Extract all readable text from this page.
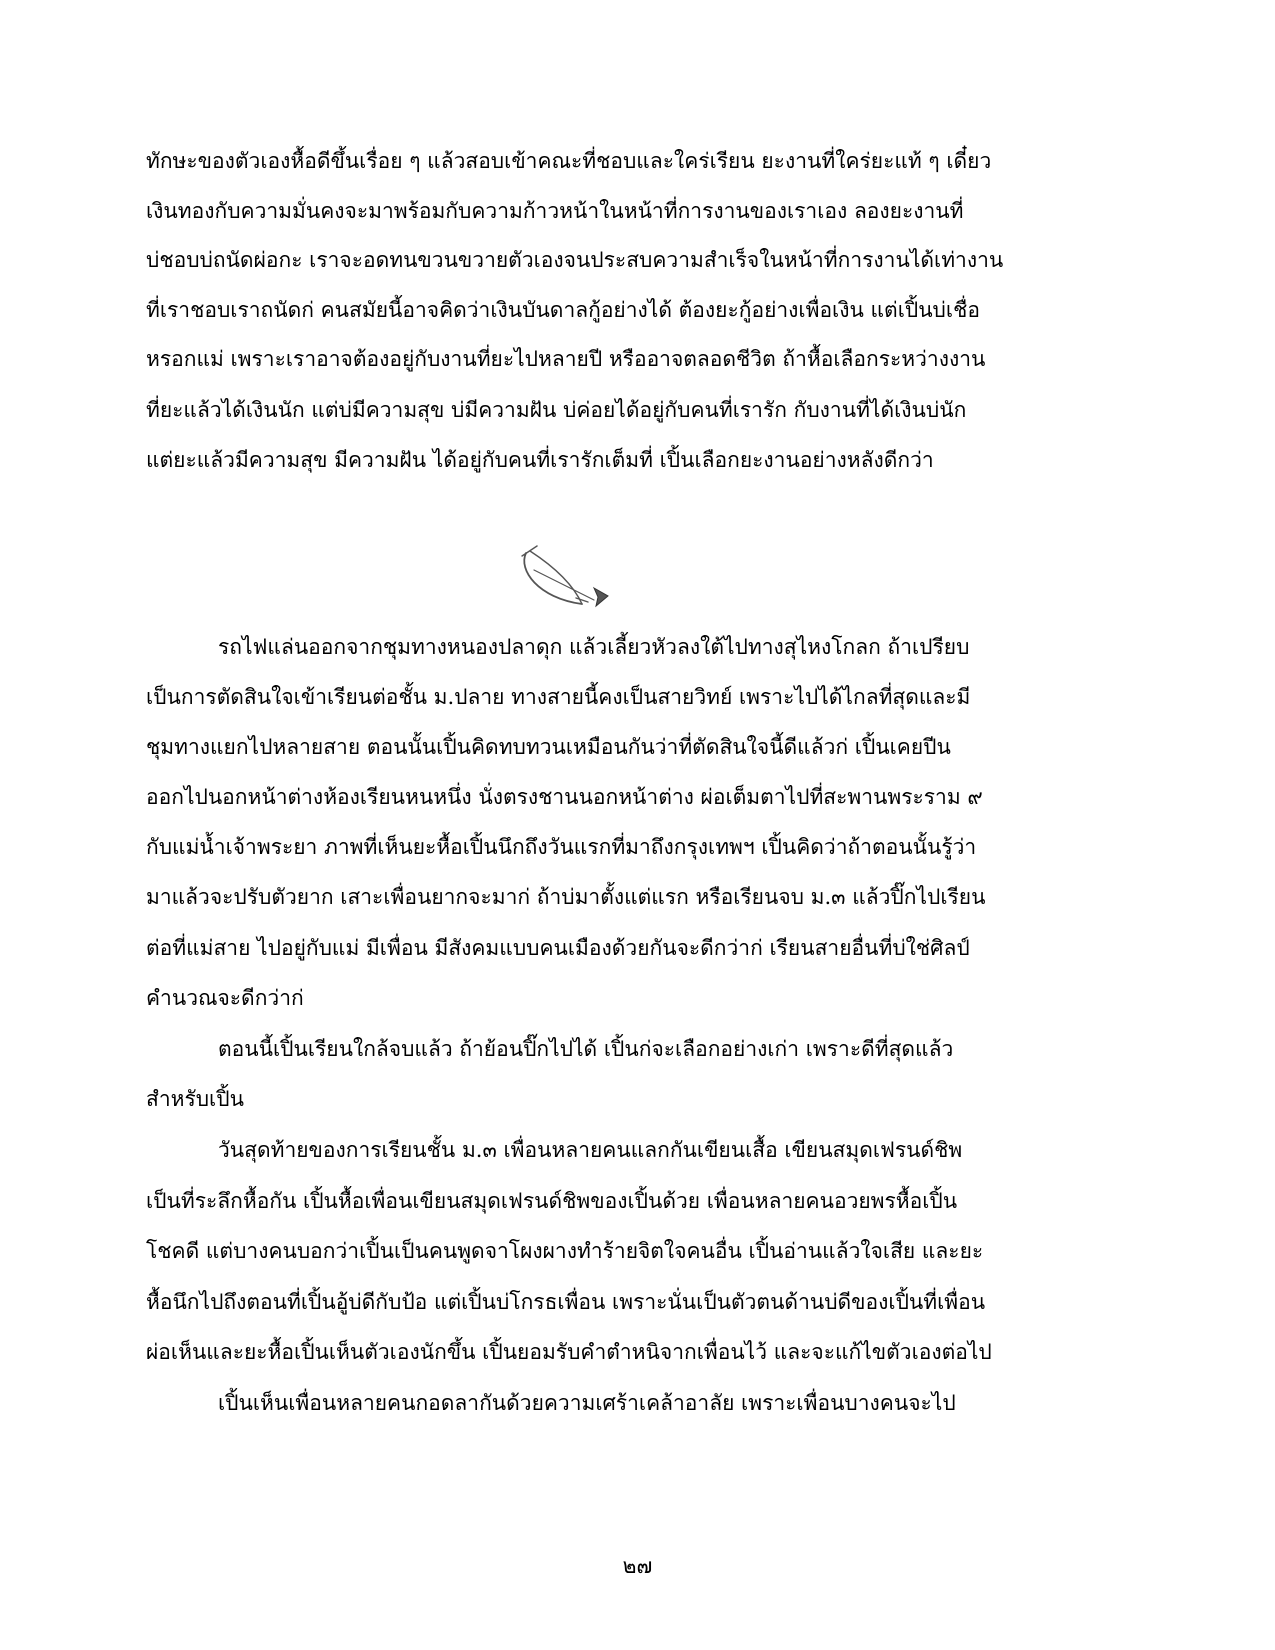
ทักษะของตัวเองหื้อดีขึ้นเรื่อย ๆ แล้วสอบเข้าคณะที่ชอบและใคร่เรียน ยะงานที่ใคร่ยะแท้ ๆ เดี๋ยว
เงินทองกับความมั่นคงจะมาพร้อมกับความก้าวหน้าในหน้าที่การงานของเราเอง ลองยะงานที่
บ่ชอบบ่ถนัดผ่อกะ เราจะอดทนขวนขวายตัวเองจนประสบความสำเร็จในหน้าที่การงานได้เท่างาน
ที่เราชอบเราถนัดก่ คนสมัยนี้อาจคิดว่าเงินบันดาลกู้อย่างได้ ต้องยะกู้อย่างเพื่อเงิน แต่เปิ้นบ่เชื่อ
หรอกแม่ เพราะเราอาจต้องอยู่กับงานที่ยะไปหลายปี หรืออาจตลอดชีวิต ถ้าหื้อเลือกระหว่างงาน
ที่ยะแล้วได้เงินนัก แต่บ่มีความสุข บ่มีความฝัน บ่ค่อยได้อยู่กับคนที่เรารัก กับงานที่ได้เงินบ่นัก
แต่ยะแล้วมีความสุข มีความฝัน ได้อยู่กับคนที่เรารักเต็มที่ เปิ้นเลือกยะงานอย่างหลังดีกว่า
รถไฟแล่นออกจากชุมทางหนองปลาดุก แล้วเลี้ยวหัวลงใต้ไปทางสุไหงโกลก ถ้าเปรียบ
เป็นการตัดสินใจเข้าเรียนต่อชั้น ม.ปลาย ทางสายนี้คงเป็นสายวิทย์ เพราะไปได้ไกลที่สุดและมี
ชุมทางแยกไปหลายสาย ตอนนั้นเปิ้นคิดทบทวนเหมือนกันว่าที่ตัดสินใจนี้ดีแล้วก่ เปิ้นเคยปีน
ออกไปนอกหน้าต่างห้องเรียนหนหนึ่ง นั่งตรงชานนอกหน้าต่าง ผ่อเต็มตาไปที่สะพานพระราม ๙
กับแม่น้ำเจ้าพระยา ภาพที่เห็นยะหื้อเปิ้นนึกถึงวันแรกที่มาถึงกรุงเทพฯ เปิ้นคิดว่าถ้าตอนนั้นรู้ว่า
มาแล้วจะปรับตัวยาก เสาะเพื่อนยากจะมาก่ ถ้าบ่มาตั้งแต่แรก หรือเรียนจบ ม.๓ แล้วปิ๊กไปเรียน
ต่อที่แม่สาย ไปอยู่กับแม่ มีเพื่อน มีสังคมแบบคนเมืองด้วยกันจะดีกว่าก่ เรียนสายอื่นที่บ่ใช่ศิลป์
คำนวณจะดีกว่าก่
ตอนนี้เปิ้นเรียนใกล้จบแล้ว ถ้าย้อนปิ๊กไปได้ เปิ้นก่จะเลือกอย่างเก่า เพราะดีที่สุดแล้ว
สำหรับเปิ้น
วันสุดท้ายของการเรียนชั้น ม.๓ เพื่อนหลายคนแลกกันเขียนเสื้อ เขียนสมุดเฟรนด์ชิพ
เป็นที่ระลึกหื้อกัน เปิ้นหื้อเพื่อนเขียนสมุดเฟรนด์ชิพของเปิ้นด้วย เพื่อนหลายคนอวยพรหื้อเปิ้น
โชคดี แต่บางคนบอกว่าเปิ้นเป็นคนพูดจาโผงผางทำร้ายจิตใจคนอื่น เปิ้นอ่านแล้วใจเสีย และยะ
หื้อนึกไปถึงตอนที่เปิ้นอู้บ่ดีกับป้อ แต่เปิ้นบ่โกรธเพื่อน เพราะนั่นเป็นตัวตนด้านบ่ดีของเปิ้นที่เพื่อน
ผ่อเห็นและยะหื้อเปิ้นเห็นตัวเองนักขึ้น เปิ้นยอมรับคำตำหนิจากเพื่อนไว้ และจะแก้ไขตัวเองต่อไป
เปิ้นเห็นเพื่อนหลายคนกอดลากันด้วยความเศร้าเคล้าอาลัย เพราะเพื่อนบางคนจะไป
๒๗
